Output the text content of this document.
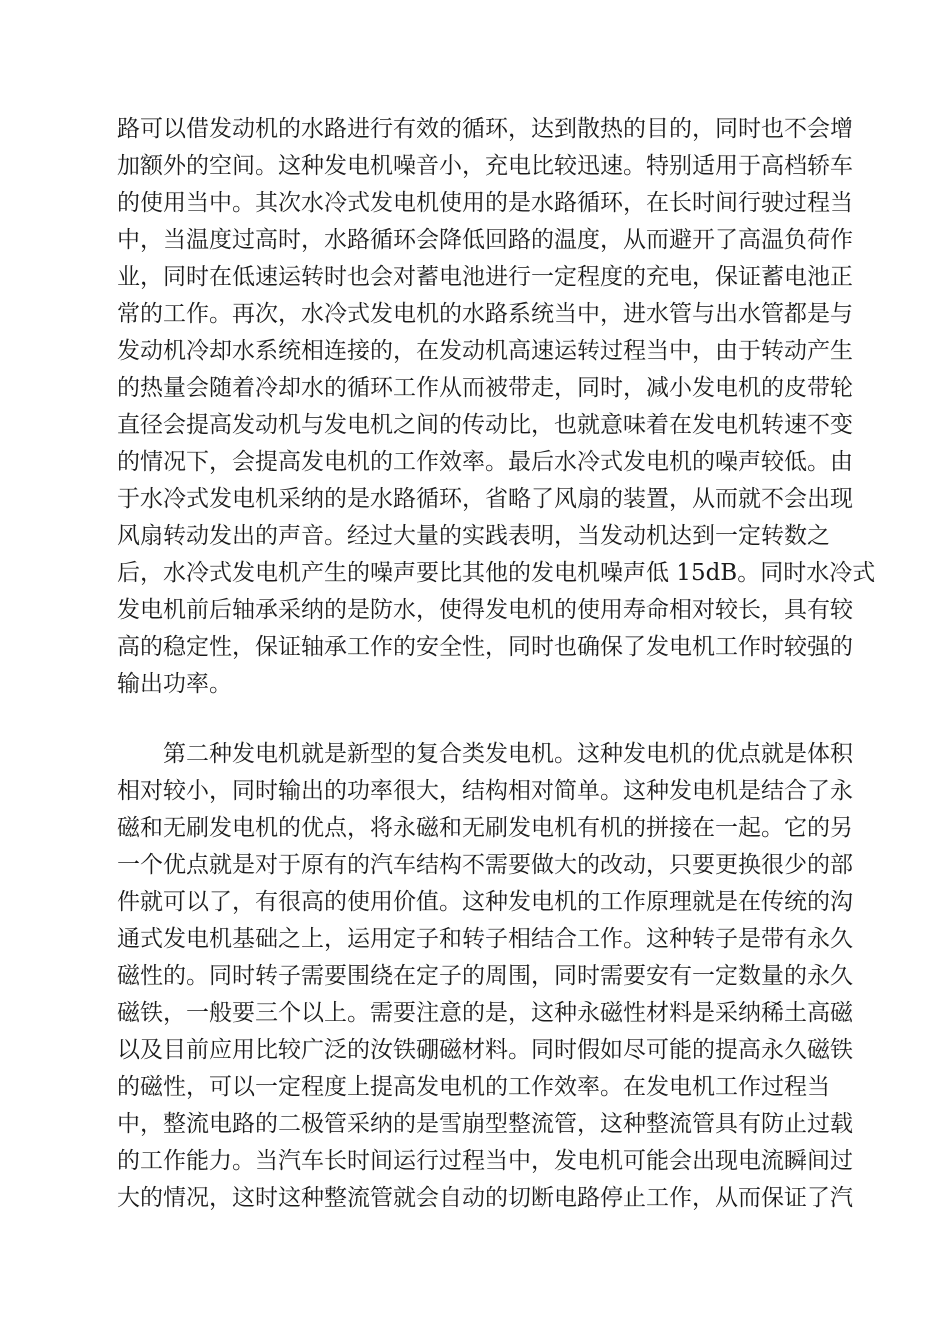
路可以借发动机的水路进行有效的循环，达到散热的目的，同时也不会增
加额外的空间。这种发电机噪音小，充电比较迅速。特别适用于高档轿车
的使用当中。其次水冷式发电机使用的是水路循环，在长时间行驶过程当
中，当温度过高时，水路循环会降低回路的温度，从而避开了高温负荷作
业，同时在低速运转时也会对蓄电池进行一定程度的充电，保证蓄电池正
常的工作。再次，水冷式发电机的水路系统当中，进水管与出水管都是与
发动机冷却水系统相连接的，在发动机高速运转过程当中，由于转动产生
的热量会随着冷却水的循环工作从而被带走，同时，减小发电机的皮带轮
直径会提高发动机与发电机之间的传动比，也就意味着在发电机转速不变
的情况下，会提高发电机的工作效率。最后水冷式发电机的噪声较低。由
于水冷式发电机采纳的是水路循环，省略了风扇的装置，从而就不会出现
风扇转动发出的声音。经过大量的实践表明，当发动机达到一定转数之
后，水冷式发电机产生的噪声要比其他的发电机噪声低 15dB。同时水冷式
发电机前后轴承采纳的是防水，使得发电机的使用寿命相对较长，具有较
高的稳定性，保证轴承工作的安全性，同时也确保了发电机工作时较强的
输出功率。
第二种发电机就是新型的复合类发电机。这种发电机的优点就是体积
相对较小，同时输出的功率很大，结构相对简单。这种发电机是结合了永
磁和无刷发电机的优点，将永磁和无刷发电机有机的拼接在一起。它的另
一个优点就是对于原有的汽车结构不需要做大的改动，只要更换很少的部
件就可以了，有很高的使用价值。这种发电机的工作原理就是在传统的沟
通式发电机基础之上，运用定子和转子相结合工作。这种转子是带有永久
磁性的。同时转子需要围绕在定子的周围，同时需要安有一定数量的永久
磁铁，一般要三个以上。需要注意的是，这种永磁性材料是采纳稀土高磁
以及目前应用比较广泛的汝铁硼磁材料。同时假如尽可能的提高永久磁铁
的磁性，可以一定程度上提高发电机的工作效率。在发电机工作过程当
中，整流电路的二极管采纳的是雪崩型整流管，这种整流管具有防止过载
的工作能力。当汽车长时间运行过程当中，发电机可能会出现电流瞬间过
大的情况，这时这种整流管就会自动的切断电路停止工作，从而保证了汽
